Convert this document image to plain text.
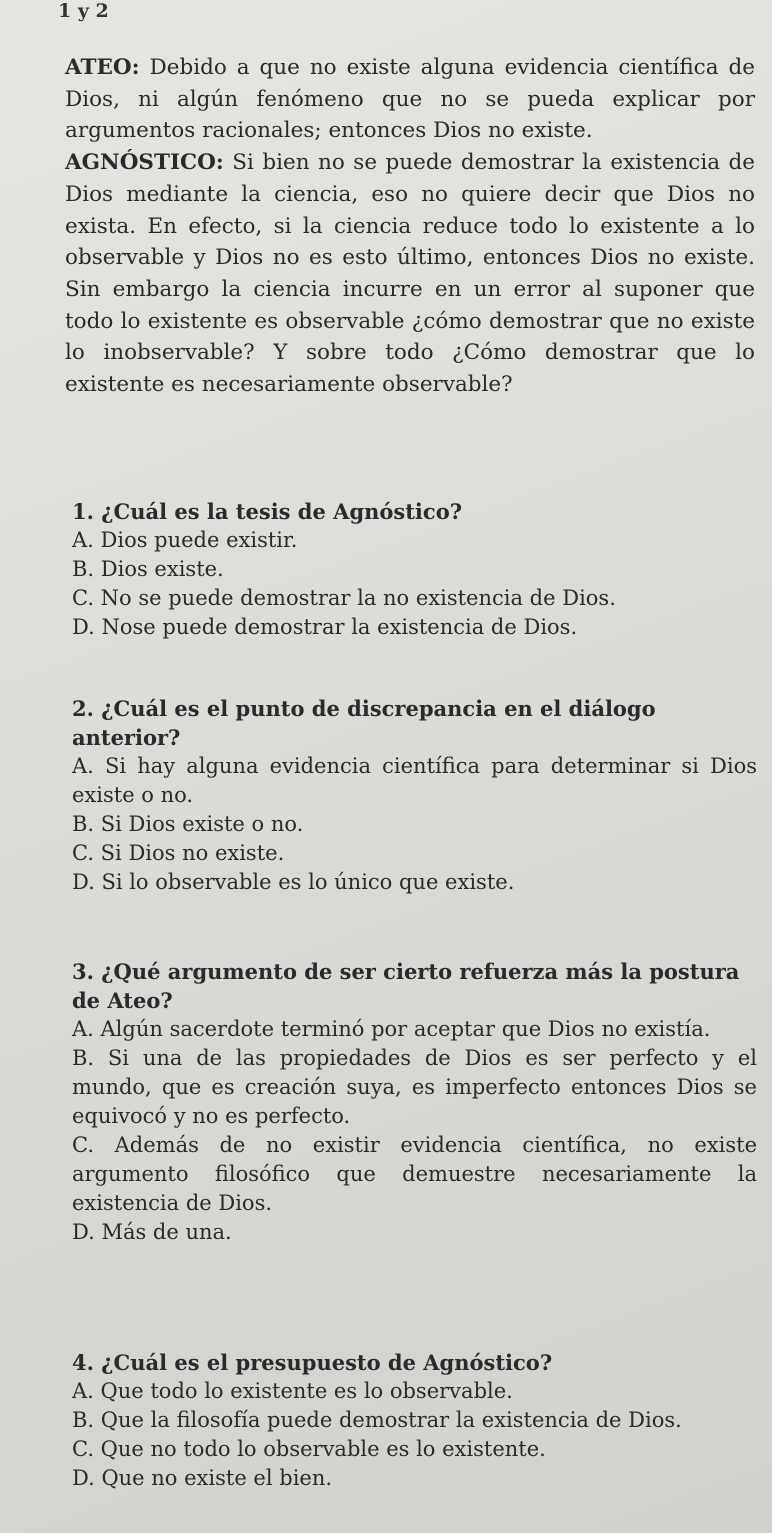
1 y 2

ATEO: Debido a que no existe alguna evidencia científica de Dios, ni algún fenómeno que no se pueda explicar por argumentos racionales; entonces Dios no existe.

AGNÓSTICO: Si bien no se puede demostrar la existencia de Dios mediante la ciencia, eso no quiere decir que Dios no exista. En efecto, si la ciencia reduce todo lo existente a lo observable y Dios no es esto último, entonces Dios no existe. Sin embargo la ciencia incurre en un error al suponer que todo lo existente es observable ¿cómo demostrar que no existe lo inobservable? Y sobre todo ¿Cómo demostrar que lo existente es necesariamente observable?

1. ¿Cuál es la tesis de Agnóstico?

A. Dios puede existir.

B. Dios existe.

C. No se puede demostrar la no existencia de Dios.

D. Nose puede demostrar la existencia de Dios.

2. ¿Cuál es el punto de discrepancia en el diálogo anterior?

A. Si hay alguna evidencia científica para determinar si Dios existe o no.

B. Si Dios existe o no.

C. Si Dios no existe.

D. Si lo observable es lo único que existe.

3. ¿Qué argumento de ser cierto refuerza más la postura de Ateo?

A. Algún sacerdote terminó por aceptar que Dios no existía.

B. Si una de las propiedades de Dios es ser perfecto y el mundo, que es creación suya, es imperfecto entonces Dios se equivocó y no es perfecto.

C. Además de no existir evidencia científica, no existe argumento filosófico que demuestre necesariamente la existencia de Dios.

D. Más de una.

4. ¿Cuál es el presupuesto de Agnóstico?

A. Que todo lo existente es lo observable.

B. Que la filosofía puede demostrar la existencia de Dios.

C. Que no todo lo observable es lo existente.

D. Que no existe el bien.
